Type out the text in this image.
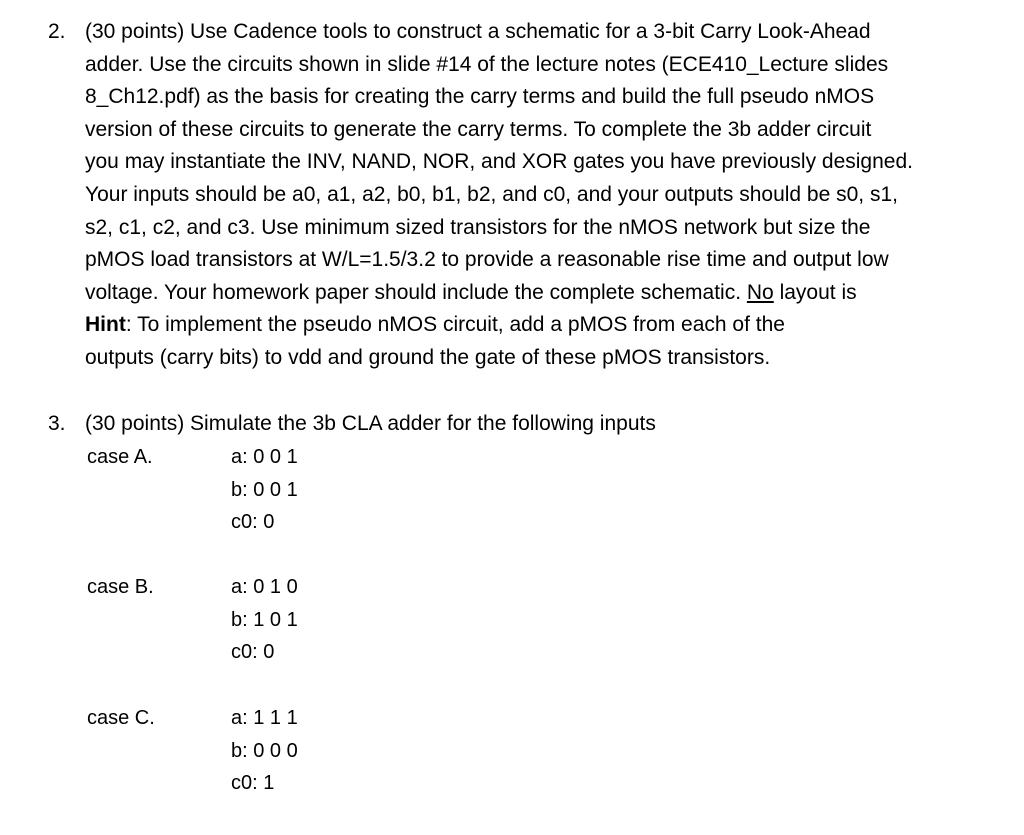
2. (30 points) Use Cadence tools to construct a schematic for a 3-bit Carry Look-Ahead
adder. Use the circuits shown in slide #14 of the lecture notes (ECE410_Lecture slides
8_Ch12.pdf) as the basis for creating the carry terms and build the full pseudo nMOS
version of these circuits to generate the carry terms. To complete the 3b adder circuit
you may instantiate the INV, NAND, NOR, and XOR gates you have previously designed.
Your inputs should be a0, a1, a2, b0, b1, b2, and c0, and your outputs should be s0, s1,
s2, c1, c2, and c3. Use minimum sized transistors for the nMOS network but size the
pMOS load transistors at W/L=1.5/3.2 to provide a reasonable rise time and output low
voltage. Your homework paper should include the complete schematic. No layout is
Hint: To implement the pseudo nMOS circuit, add a pMOS from each of the
outputs (carry bits) to vdd and ground the gate of these pMOS transistors.
3. (30 points) Simulate the 3b CLA adder for the following inputs
case A.	a: 0 0 1
b: 0 0 1
c0: 0
case B.	a: 0 1 0
b: 1 0 1
c0: 0
case C.	a: 1 1 1
b: 0 0 0
c0: 1
